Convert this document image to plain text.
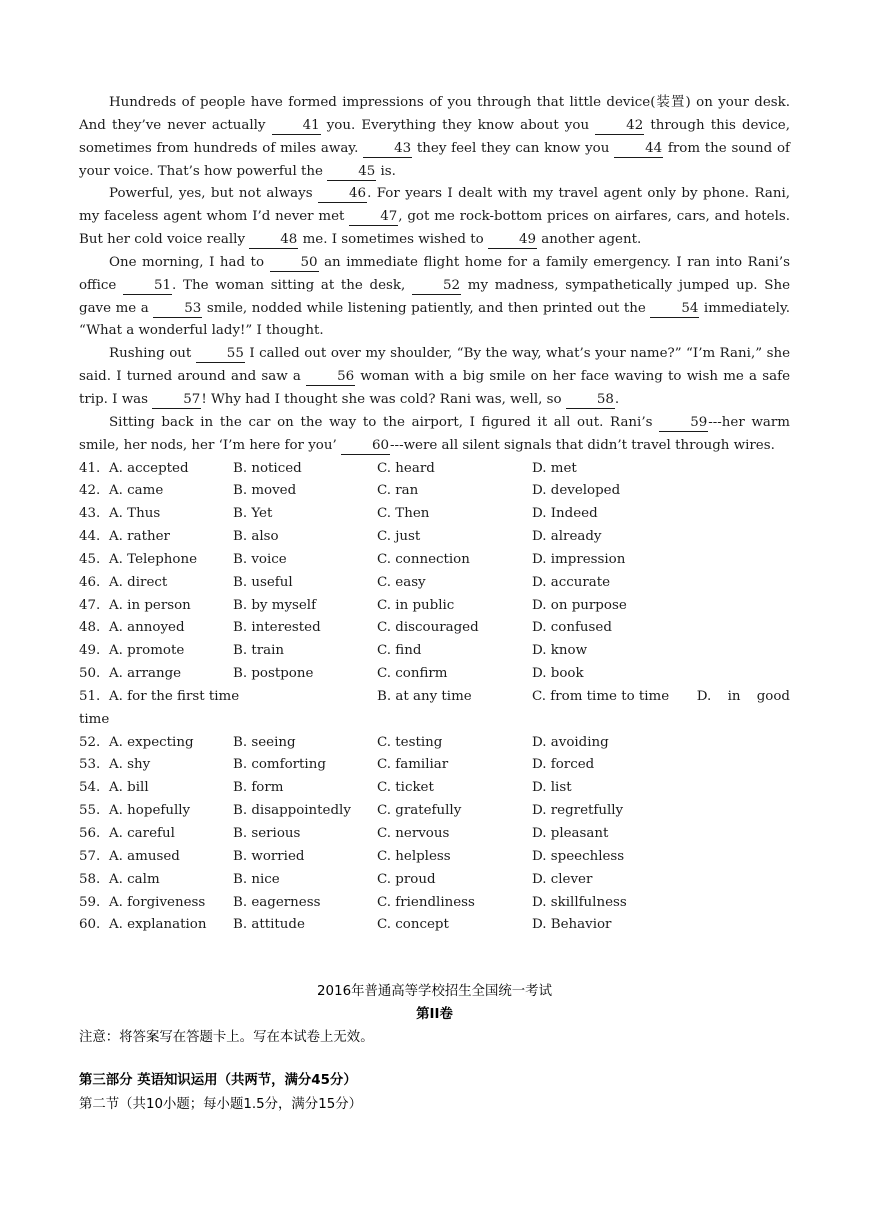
Hundreds of people have formed impressions of you through that little device(装置) on your desk. And they’ve never actually 41 you. Everything they know about you 42 through this device, sometimes from hundreds of miles away. 43 they feel they can know you 44 from the sound of your voice. That’s how powerful the 45 is.

Powerful, yes, but not always 46. For years I dealt with my travel agent only by phone. Rani, my faceless agent whom I’d never met 47, got me rock-bottom prices on airfares, cars, and hotels. But her cold voice really 48 me. I sometimes wished to 49 another agent.

One morning, I had to 50 an immediate flight home for a family emergency. I ran into Rani’s office 51. The woman sitting at the desk, 52 my madness, sympathetically jumped up. She gave me a 53 smile, nodded while listening patiently, and then printed out the 54 immediately. “What a wonderful lady!” I thought.

Rushing out 55 I called out over my shoulder, “By the way, what’s your name?” “I’m Rani,” she said. I turned around and saw a 56 woman with a big smile on her face waving to wish me a safe trip. I was 57! Why had I thought she was cold? Rani was, well, so 58.

Sitting back in the car on the way to the airport, I figured it all out. Rani’s 59---her warm smile, her nods, her ‘I’m here for you’ 60---were all silent signals that didn’t travel through wires.

41. A. accepted	B. noticed	C. heard	D. met
42. A. came	B. moved	C. ran	D. developed
43. A. Thus	B. Yet	C. Then	D. Indeed
44. A. rather	B. also	C. just	D. already
45. A. Telephone	B. voice	C. connection	D. impression
46. A. direct	B. useful	C. easy	D. accurate
47. A. in person	B. by myself	C. in public	D. on purpose
48. A. annoyed	B. interested	C. discouraged	D. confused
49. A. promote	B. train	C. find	D. know
50. A. arrange	B. postpone	C. confirm	D. book
51. A. for the first time	B. at any time	C. from time to time	D. in good
time
52. A. expecting	B. seeing	C. testing	D. avoiding
53. A. shy	B. comforting	C. familiar	D. forced
54. A. bill	B. form	C. ticket	D. list
55. A. hopefully	B. disappointedly	C. gratefully	D. regretfully
56. A. careful	B. serious	C. nervous	D. pleasant
57. A. amused	B. worried	C. helpless	D. speechless
58. A. calm	B. nice	C. proud	D. clever
59. A. forgiveness	B. eagerness	C. friendliness	D. skillfulness
60. A. explanation	B. attitude	C. concept	D. Behavior
2016年普通高等学校招生全国统一考试
第II卷
注意：将答案写在答题卡上。写在本试卷上无效。
第三部分 英语知识运用（共两节，满分45分）
第二节（共10小题；每小题1.5分，满分15分）
